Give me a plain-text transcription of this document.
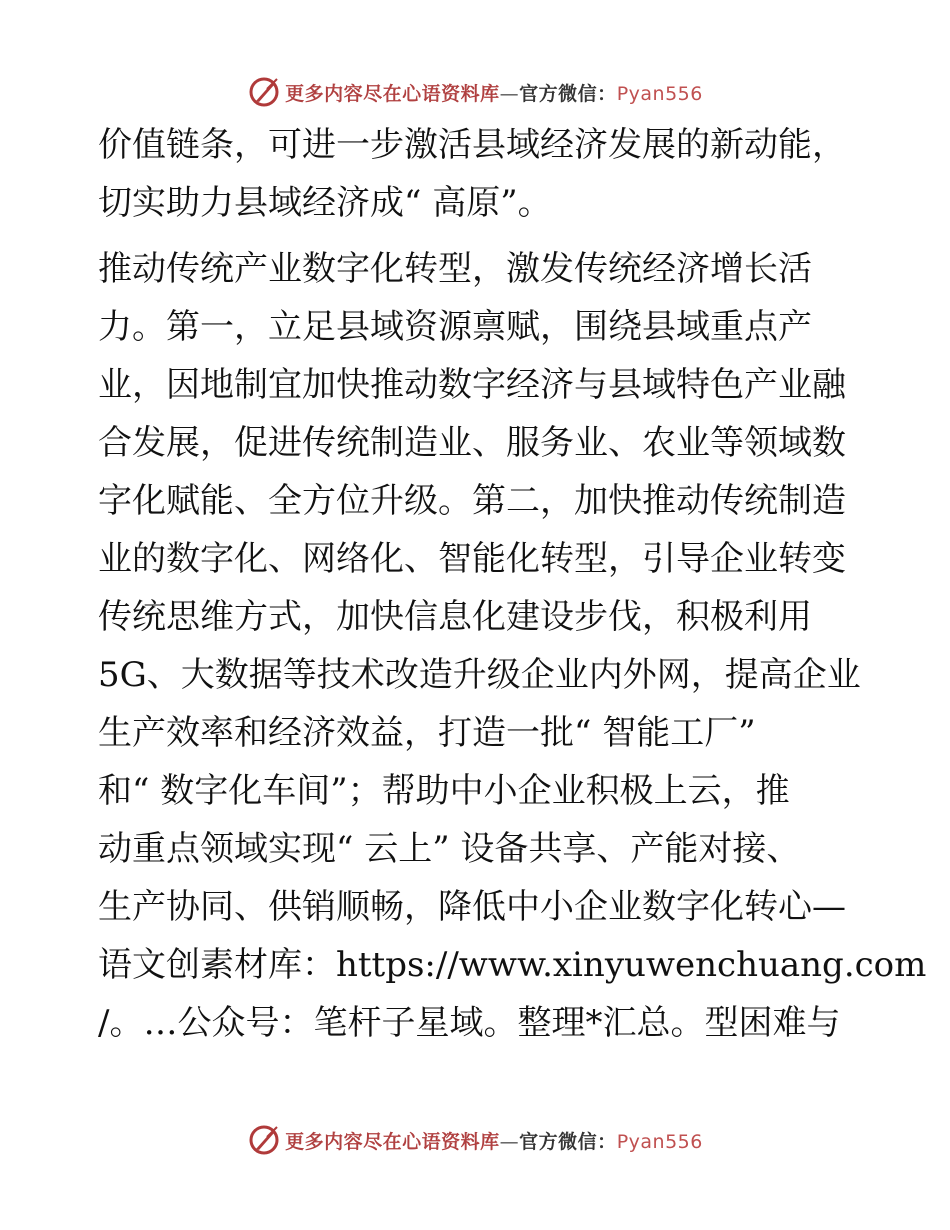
更多内容尽在心语资料库—官方微信：Pyan556
价值链条，可进一步激活县域经济发展的新动能，
切实助力县域经济成“ 高原”。
推动传统产业数字化转型，激发传统经济增长活
力。第一，立足县域资源禀赋，围绕县域重点产
业，因地制宜加快推动数字经济与县域特色产业融
合发展，促进传统制造业、服务业、农业等领域数
字化赋能、全方位升级。第二，加快推动传统制造
业的数字化、网络化、智能化转型，引导企业转变
传统思维方式，加快信息化建设步伐，积极利用
5G、大数据等技术改造升级企业内外网，提高企业
生产效率和经济效益，打造一批“ 智能工厂”
和“ 数字化车间”；帮助中小企业积极上云，推
动重点领域实现“ 云上” 设备共享、产能对接、
生产协同、供销顺畅，降低中小企业数字化转心—
语文创素材库：https://www.xinyuwenchuang.com
/。…公众号：笔杆子星域。整理*汇总。型困难与
更多内容尽在心语资料库—官方微信：Pyan556
